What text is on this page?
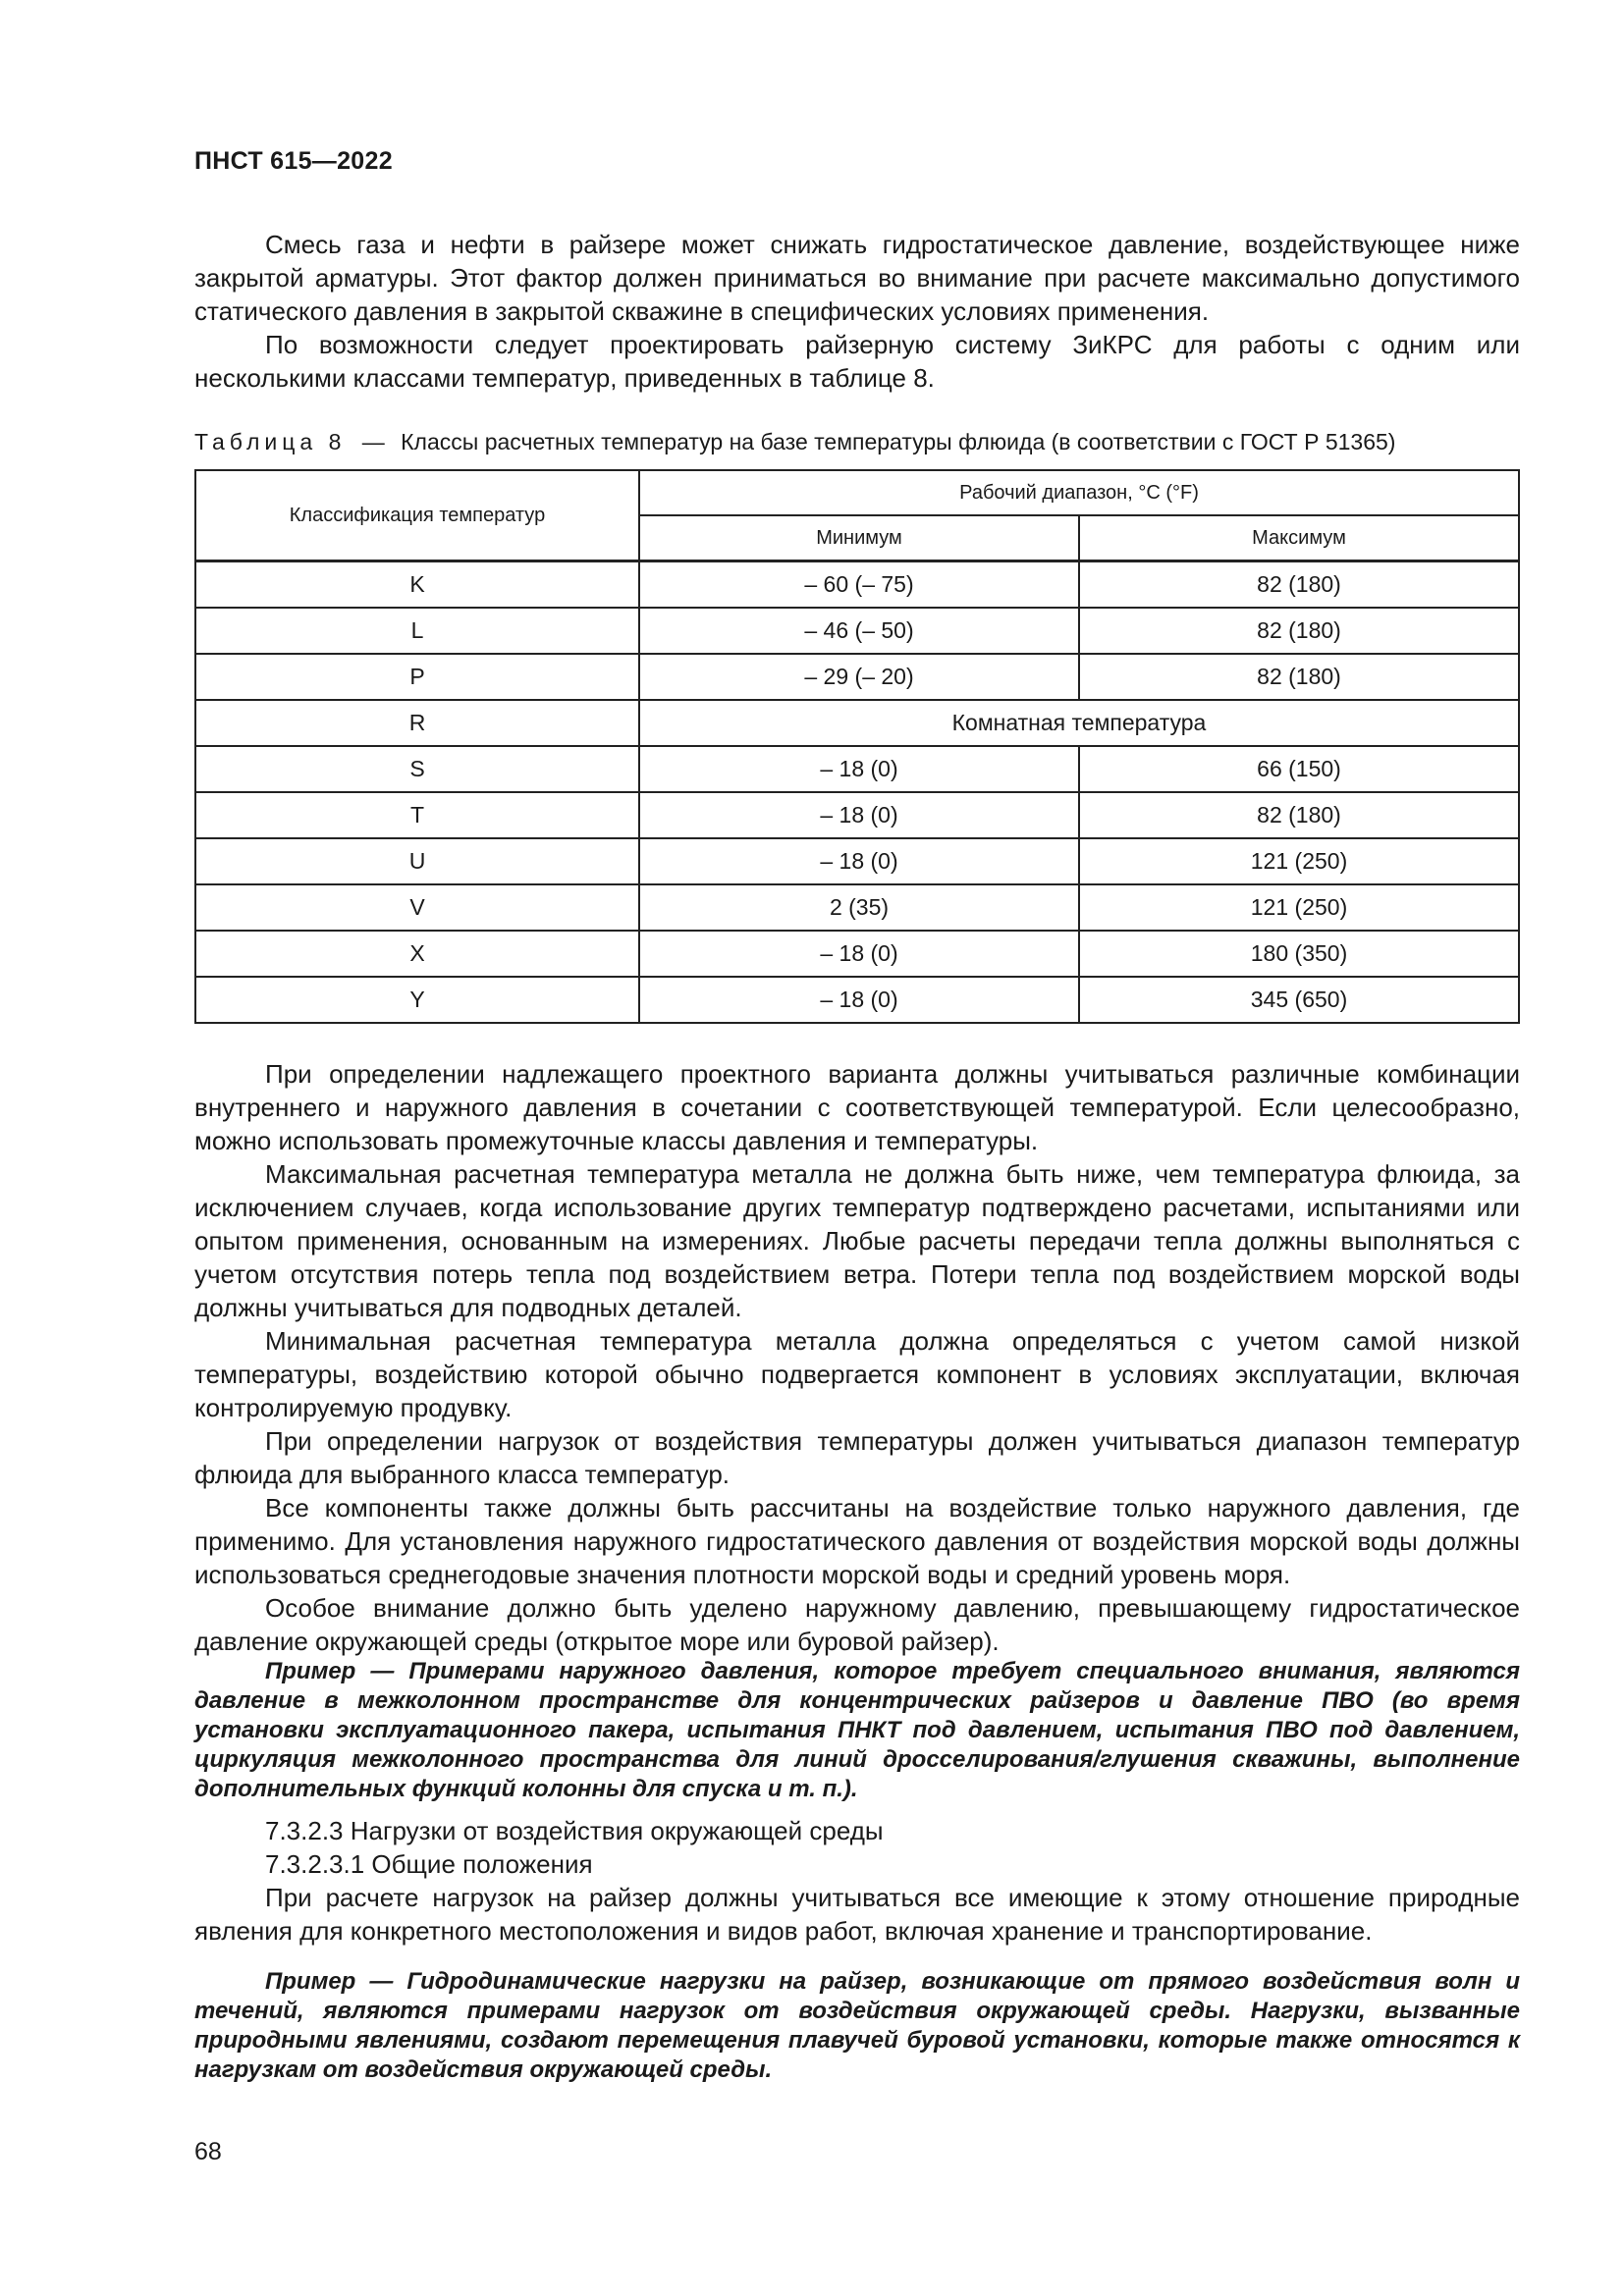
ПНСТ 615—2022

Смесь газа и нефти в райзере может снижать гидростатическое давление, воздействующее ниже закрытой арматуры. Этот фактор должен приниматься во внимание при расчете максимально допустимого статического давления в закрытой скважине в специфических условиях применения.

По возможности следует проектировать райзерную систему ЗиКРС для работы с одним или несколькими классами температур, приведенных в таблице 8.

Таблица 8 — Классы расчетных температур на базе температуры флюида (в соответствии с ГОСТ Р 51365)
Классификация температур	Рабочий диапазон, °С (°F)	
	Минимум	Максимум
K	– 60 (– 75)	82 (180)
L	– 46 (– 50)	82 (180)
P	– 29 (– 20)	82 (180)
R	Комнатная температура	
S	– 18 (0)	66 (150)
T	– 18 (0)	82 (180)
U	– 18 (0)	121 (250)
V	2 (35)	121 (250)
X	– 18 (0)	180 (350)
Y	– 18 (0)	345 (650)

При определении надлежащего проектного варианта должны учитываться различные комбинации внутреннего и наружного давления в сочетании с соответствующей температурой. Если целесообразно, можно использовать промежуточные классы давления и температуры.

Максимальная расчетная температура металла не должна быть ниже, чем температура флюида, за исключением случаев, когда использование других температур подтверждено расчетами, испытаниями или опытом применения, основанным на измерениях. Любые расчеты передачи тепла должны выполняться с учетом отсутствия потерь тепла под воздействием ветра. Потери тепла под воздействием морской воды должны учитываться для подводных деталей.

Минимальная расчетная температура металла должна определяться с учетом самой низкой температуры, воздействию которой обычно подвергается компонент в условиях эксплуатации, включая контролируемую продувку.

При определении нагрузок от воздействия температуры должен учитываться диапазон температур флюида для выбранного класса температур.

Все компоненты также должны быть рассчитаны на воздействие только наружного давления, где применимо. Для установления наружного гидростатического давления от воздействия морской воды должны использоваться среднегодовые значения плотности морской воды и средний уровень моря.

Особое внимание должно быть уделено наружному давлению, превышающему гидростатическое давление окружающей среды (открытое море или буровой райзер).

Пример — Примерами наружного давления, которое требует специального внимания, являются давление в межколонном пространстве для концентрических райзеров и давление ПВО (во время установки эксплуатационного пакера, испытания ПНКТ под давлением, испытания ПВО под давлением, циркуляция межколонного пространства для линий дросселирования/глушения скважины, выполнение дополнительных функций колонны для спуска и т. п.).

7.3.2.3 Нагрузки от воздействия окружающей среды

7.3.2.3.1 Общие положения

При расчете нагрузок на райзер должны учитываться все имеющие к этому отношение природные явления для конкретного местоположения и видов работ, включая хранение и транспортирование.

Пример — Гидродинамические нагрузки на райзер, возникающие от прямого воздействия волн и течений, являются примерами нагрузок от воздействия окружающей среды. Нагрузки, вызванные природными явлениями, создают перемещения плавучей буровой установки, которые также относятся к нагрузкам от воздействия окружающей среды.

68
